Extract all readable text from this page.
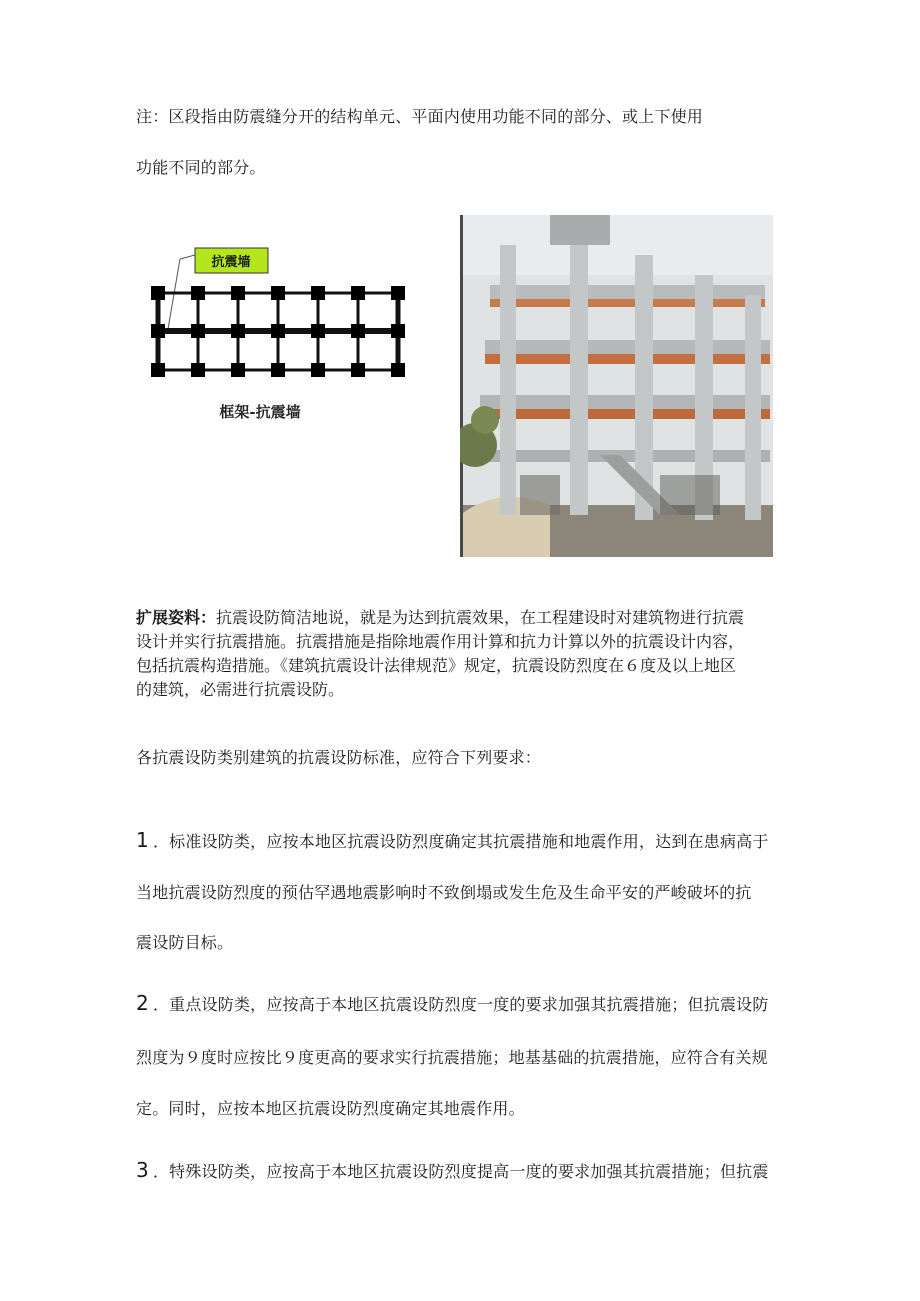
注：区段指由防震缝分开的结构单元、平面内使用功能不同的部分、或上下使用
功能不同的部分。
抗震墙
框架-抗震墙
扩展姿料：抗震设防简洁地说，就是为达到抗震效果，在工程建设时对建筑物进行抗震
设计并实行抗震措施。抗震措施是指除地震作用计算和抗力计算以外的抗震设计内容，
包括抗震构造措施。《建筑抗震设计法律规范》规定，抗震设防烈度在６度及以上地区
的建筑，必需进行抗震设防。
各抗震设防类别建筑的抗震设防标准，应符合下列要求：
1 ．标准设防类，应按本地区抗震设防烈度确定其抗震措施和地震作用，达到在患病高于
当地抗震设防烈度的预估罕遇地震影响时不致倒塌或发生危及生命平安的严峻破坏的抗
震设防目标。
2 ．重点设防类，应按高于本地区抗震设防烈度一度的要求加强其抗震措施；但抗震设防
烈度为９度时应按比９度更高的要求实行抗震措施；地基基础的抗震措施，应符合有关规
定。同时，应按本地区抗震设防烈度确定其地震作用。
3 ．特殊设防类，应按高于本地区抗震设防烈度提高一度的要求加强其抗震措施；但抗震
